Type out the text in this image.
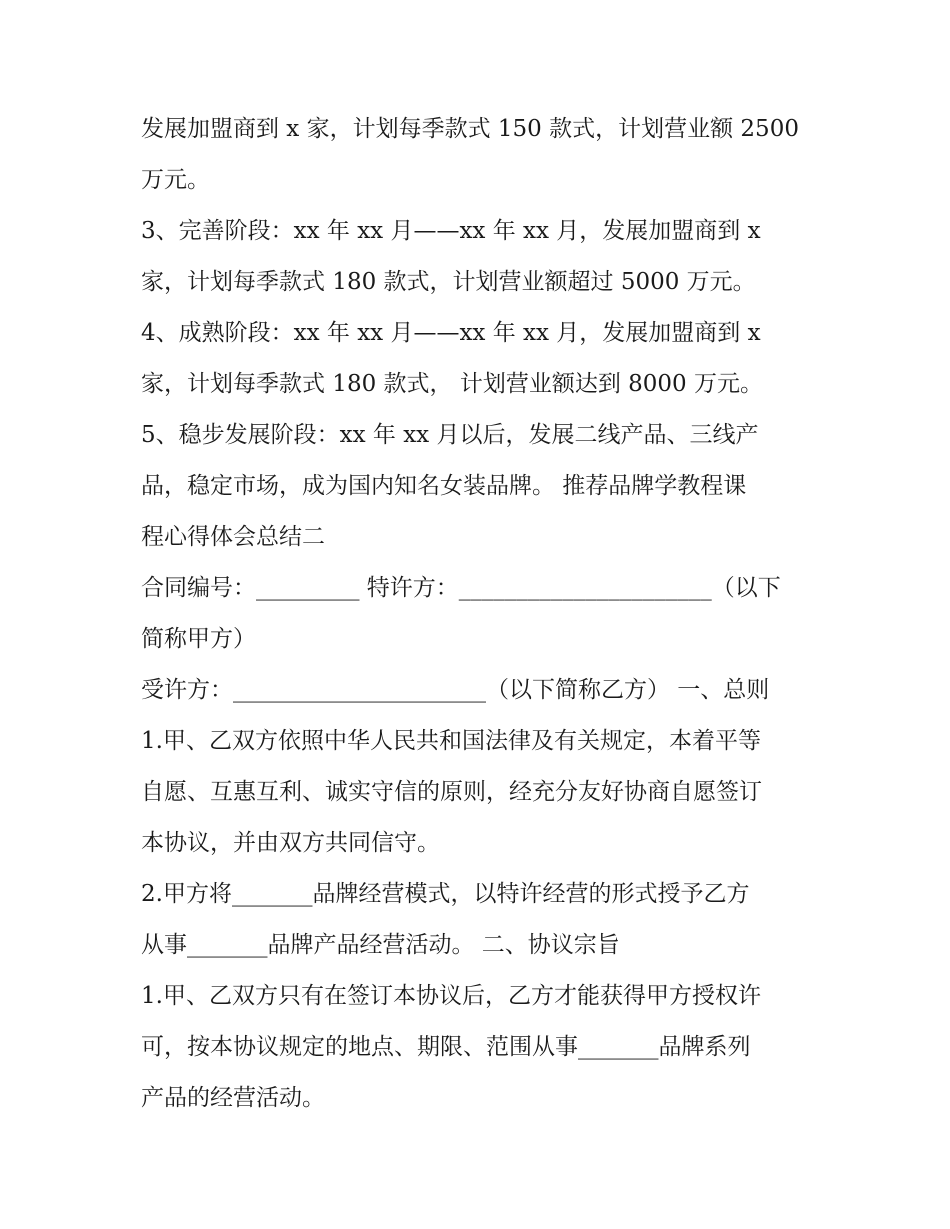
发展加盟商到 x 家，计划每季款式 150 款式，计划营业额 2500
万元。
3、完善阶段：xx 年 xx 月——xx 年 xx 月，发展加盟商到 x
家，计划每季款式 180 款式，计划营业额超过 5000 万元。
4、成熟阶段：xx 年 xx 月——xx 年 xx 月，发展加盟商到 x
家，计划每季款式 180 款式， 计划营业额达到 8000 万元。
5、稳步发展阶段：xx 年 xx 月以后，发展二线产品、三线产
品，稳定市场，成为国内知名女装品牌。 推荐品牌学教程课
程心得体会总结二
合同编号：_________ 特许方：______________________（以下
简称甲方）
受许方：______________________（以下简称乙方） 一、总则
1.甲、乙双方依照中华人民共和国法律及有关规定，本着平等
自愿、互惠互利、诚实守信的原则，经充分友好协商自愿签订
本协议，并由双方共同信守。
2.甲方将_______品牌经营模式，以特许经营的形式授予乙方
从事_______品牌产品经营活动。 二、协议宗旨
1.甲、乙双方只有在签订本协议后，乙方才能获得甲方授权许
可，按本协议规定的地点、期限、范围从事_______品牌系列
产品的经营活动。
